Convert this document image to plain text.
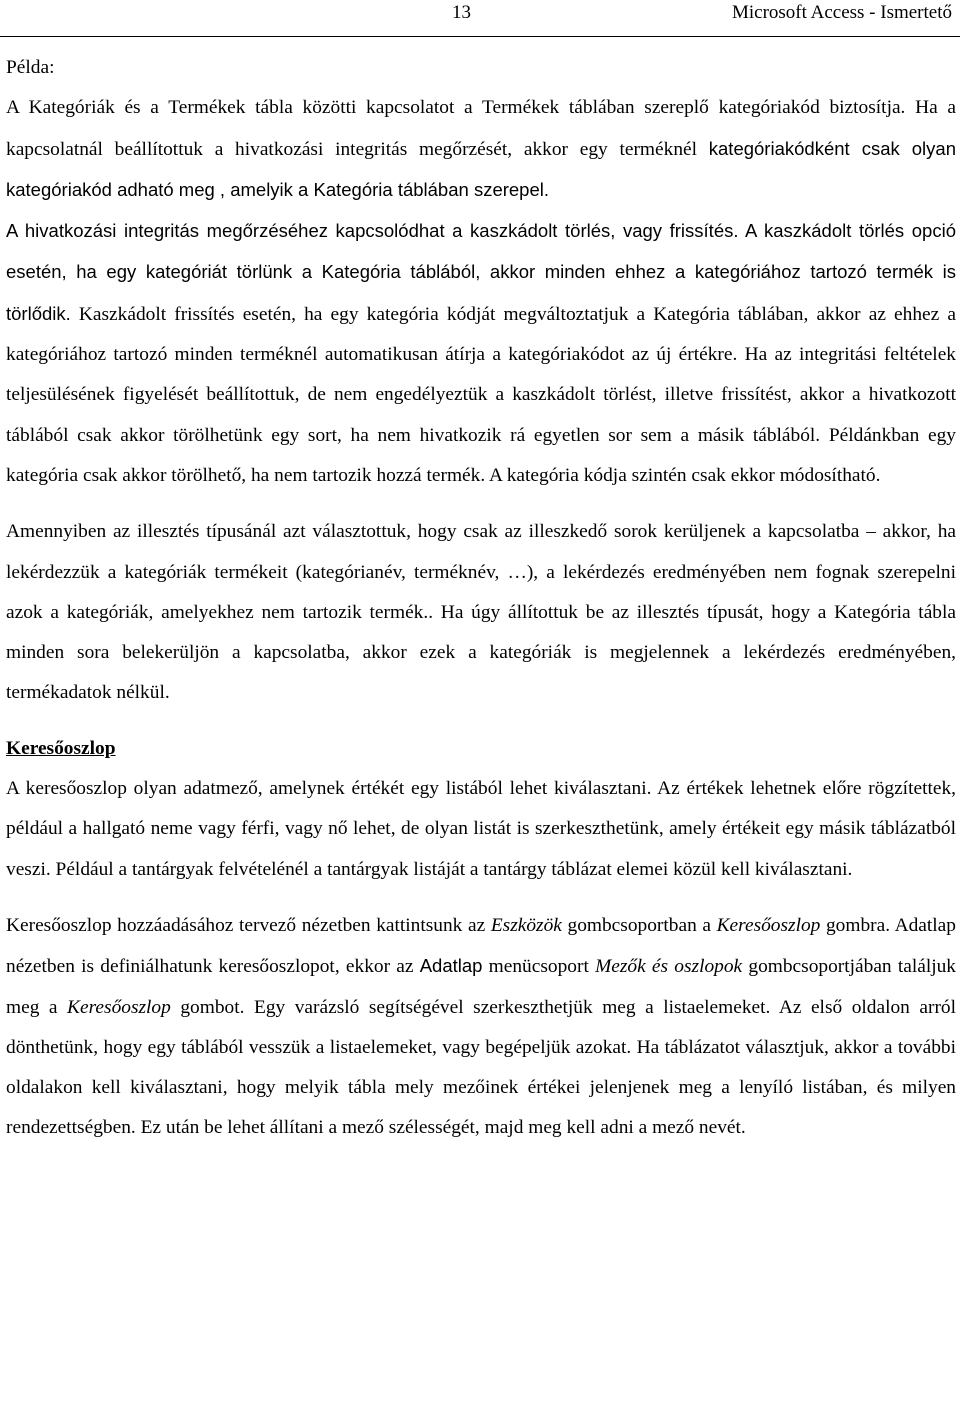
13	Microsoft Access - Ismertető

Példa:

A Kategóriák és a Termékek tábla közötti kapcsolatot a Termékek táblában szereplő kategóriakód biztosítja. Ha a kapcsolatnál beállítottuk a hivatkozási integritás megőrzését, akkor egy terméknél kategóriakódként csak olyan kategóriakód adható meg , amelyik a Kategória táblában szerepel.

A hivatkozási integritás megőrzéséhez kapcsolódhat a kaszkádolt törlés, vagy frissítés. A kaszkádolt törlés opció esetén, ha egy kategóriát törlünk a Kategória táblából, akkor minden ehhez a kategóriához tartozó termék is törlődik. Kaszkádolt frissítés esetén, ha egy kategória kódját megváltoztatjuk a Kategória táblában, akkor az ehhez a kategóriához tartozó minden terméknél automatikusan átírja a kategóriakódot az új értékre. Ha az integritási feltételek teljesülésének figyelését beállítottuk, de nem engedélyeztük a kaszkádolt törlést, illetve frissítést, akkor a hivatkozott táblából csak akkor törölhetünk egy sort, ha nem hivatkozik rá egyetlen sor sem a másik táblából. Példánkban egy kategória csak akkor törölhető, ha nem tartozik hozzá termék. A kategória kódja szintén csak ekkor módosítható.

Amennyiben az illesztés típusánál azt választottuk, hogy csak az illeszkedő sorok kerüljenek a kapcsolatba – akkor, ha lekérdezzük a kategóriák termékeit (kategórianév, terméknév, …), a lekérdezés eredményében nem fognak szerepelni azok a kategóriák, amelyekhez nem tartozik termék.. Ha úgy állítottuk be az illesztés típusát, hogy a Kategória tábla minden sora belekerüljön a kapcsolatba, akkor ezek a kategóriák is megjelennek a lekérdezés eredményében, termékadatok nélkül.

Keresőoszlop

A keresőoszlop olyan adatmező, amelynek értékét egy listából lehet kiválasztani. Az értékek lehetnek előre rögzítettek, például a hallgató neme vagy férfi, vagy nő lehet, de olyan listát is szerkeszthetünk, amely értékeit egy másik táblázatból veszi. Például a tantárgyak felvételénél a tantárgyak listáját a tantárgy táblázat elemei közül kell kiválasztani.

Keresőoszlop hozzáadásához tervező nézetben kattintsunk az Eszközök gombcsoportban a Keresőoszlop gombra. Adatlap nézetben is definiálhatunk keresőoszlopot, ekkor az Adatlap menücsoport Mezők és oszlopok gombcsoportjában találjuk meg a Keresőoszlop gombot. Egy varázsló segítségével szerkeszthetjük meg a listaelemeket. Az első oldalon arról dönthetünk, hogy egy táblából vesszük a listaelemeket, vagy begépeljük azokat. Ha táblázatot választjuk, akkor a további oldalakon kell kiválasztani, hogy melyik tábla mely mezőinek értékei jelenjenek meg a lenyíló listában, és milyen rendezettségben. Ez után be lehet állítani a mező szélességét, majd meg kell adni a mező nevét.
